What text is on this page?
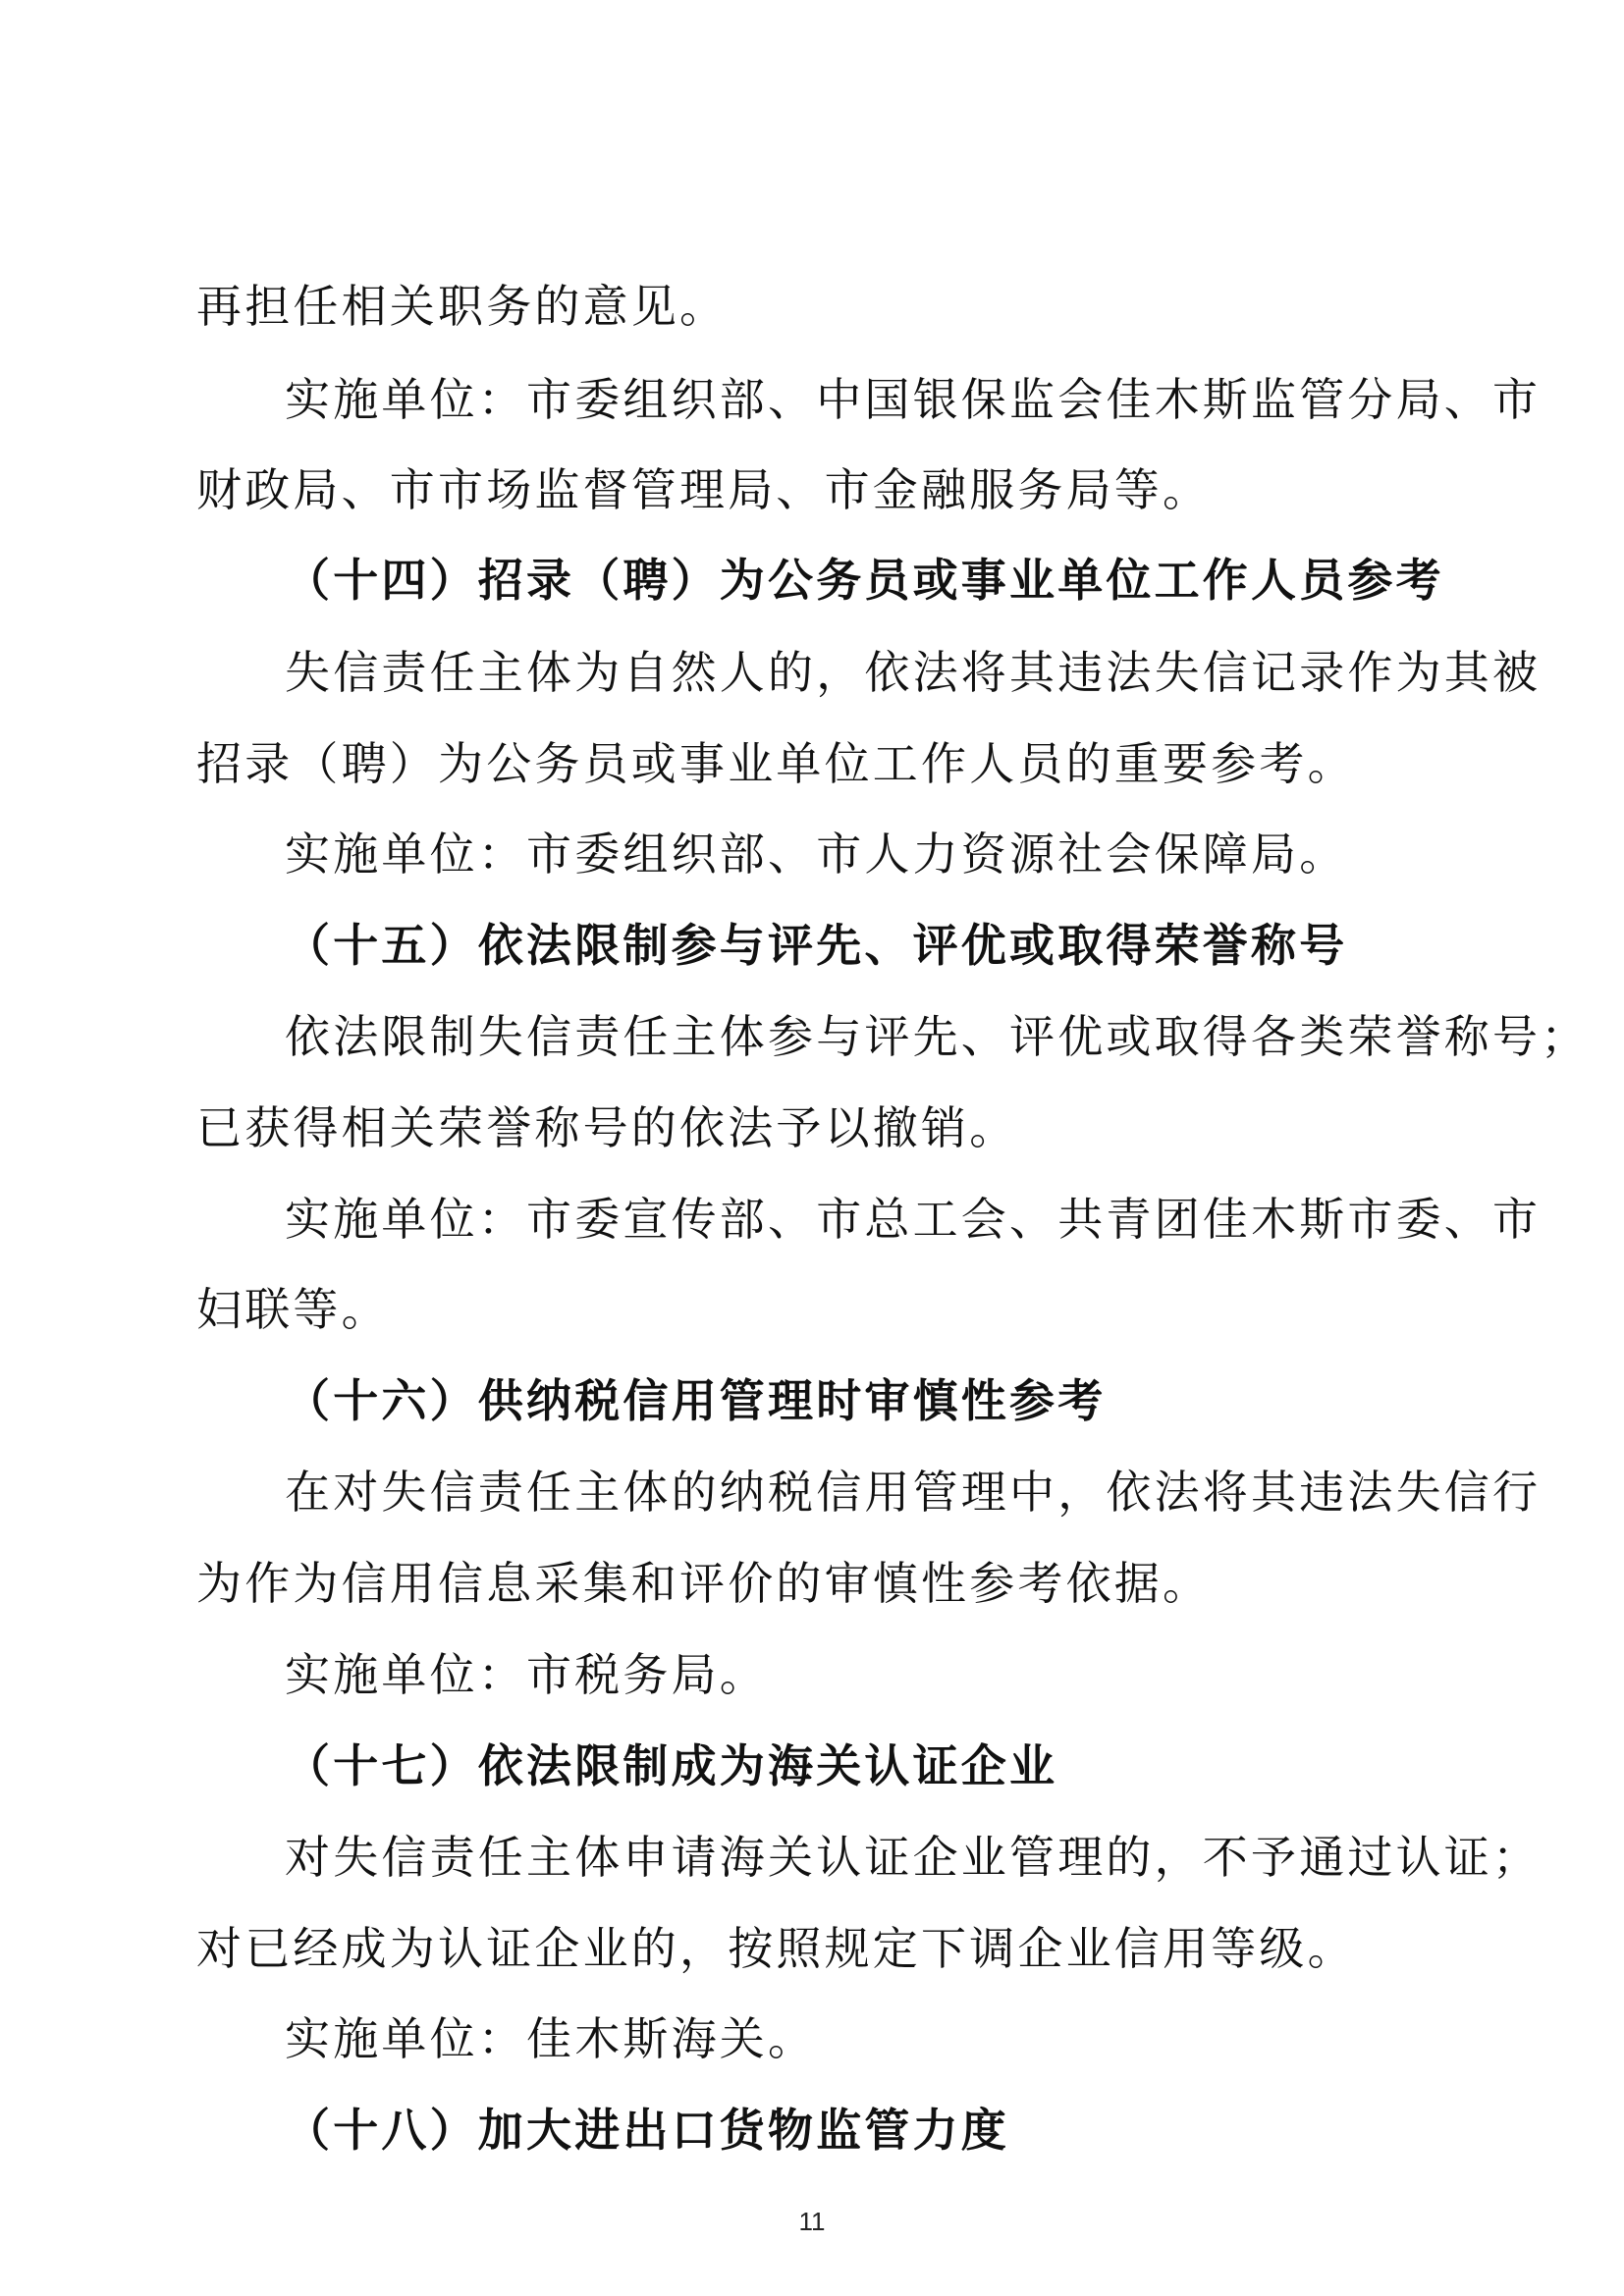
再担任相关职务的意见。
实施单位：市委组织部、中国银保监会佳木斯监管分局、市
财政局、市市场监督管理局、市金融服务局等。
（十四）招录（聘）为公务员或事业单位工作人员参考
失信责任主体为自然人的，依法将其违法失信记录作为其被
招录（聘）为公务员或事业单位工作人员的重要参考。
实施单位：市委组织部、市人力资源社会保障局。
（十五）依法限制参与评先、评优或取得荣誉称号
依法限制失信责任主体参与评先、评优或取得各类荣誉称号；
已获得相关荣誉称号的依法予以撤销。
实施单位：市委宣传部、市总工会、共青团佳木斯市委、市
妇联等。
（十六）供纳税信用管理时审慎性参考
在对失信责任主体的纳税信用管理中，依法将其违法失信行
为作为信用信息采集和评价的审慎性参考依据。
实施单位：市税务局。
（十七）依法限制成为海关认证企业
对失信责任主体申请海关认证企业管理的，不予通过认证；
对已经成为认证企业的，按照规定下调企业信用等级。
实施单位：佳木斯海关。
（十八）加大进出口货物监管力度
11
